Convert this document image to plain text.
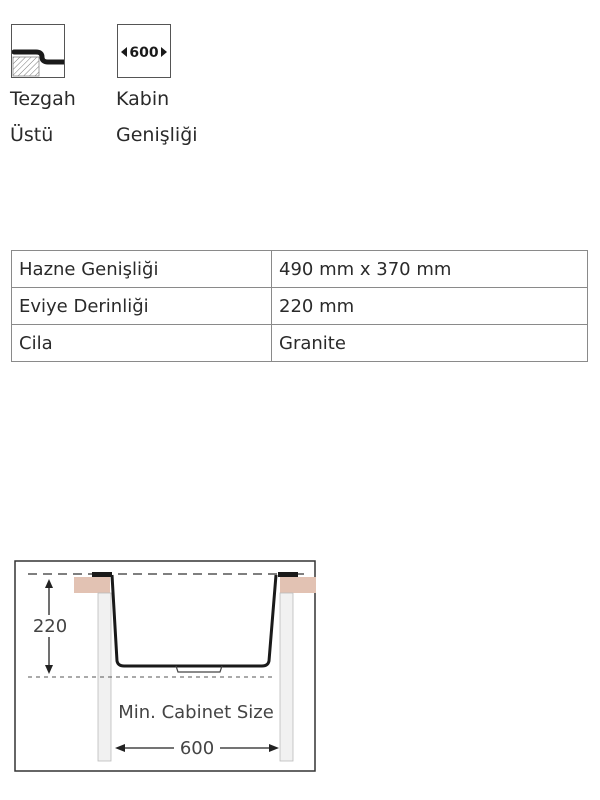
Tezgah
Üstü
600
Kabin
Genişliği
Hazne Genişliği	490 mm x 370 mm
Eviye Derinliği	220 mm
Cila	Granite
220
Min. Cabinet Size
600
